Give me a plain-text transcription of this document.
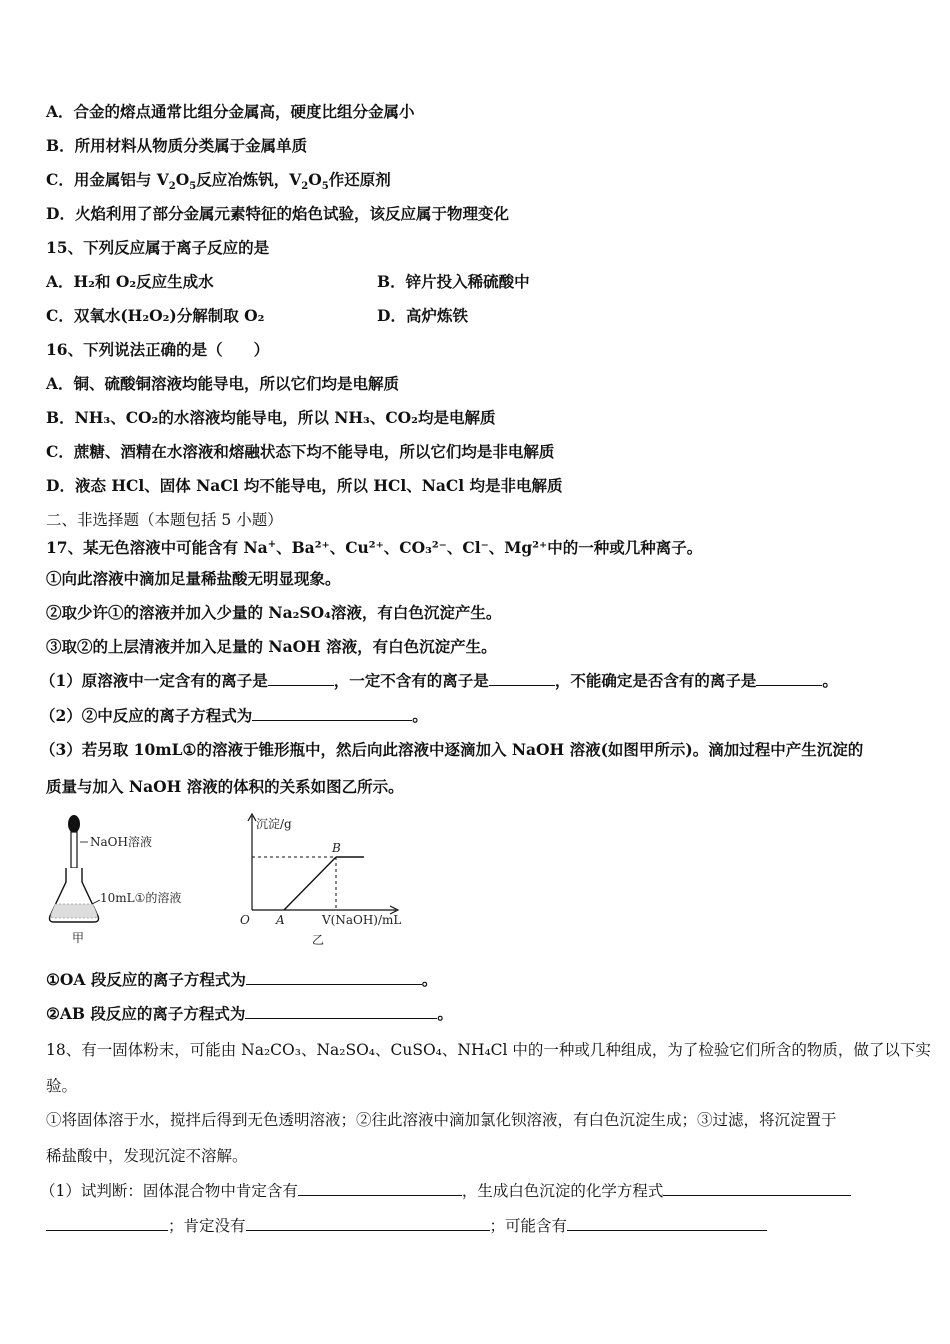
A．合金的熔点通常比组分金属高，硬度比组分金属小
B．所用材料从物质分类属于金属单质
C．用金属铝与 $V_2O_5$反应冶炼钒，$V_2O_5$作还原剂
D．火焰利用了部分金属元素特征的焰色试验，该反应属于物理变化
15、下列反应属于离子反应的是
A．H₂和 O₂反应生成水	B．锌片投入稀硫酸中
C．双氧水(H₂O₂)分解制取 O₂	D．高炉炼铁
16、下列说法正确的是（　　）
A．铜、硫酸铜溶液均能导电，所以它们均是电解质
B．NH₃、CO₂的水溶液均能导电，所以 NH₃、CO₂均是电解质
C．蔗糖、酒精在水溶液和熔融状态下均不能导电，所以它们均是非电解质
D．液态 HCl、固体 NaCl 均不能导电，所以 HCl、NaCl 均是非电解质
二、非选择题（本题包括 5 小题）
17、某无色溶液中可能含有 Na+、Ba²⁺、Cu²⁺、CO₃²⁻、Cl⁻、Mg²⁺中的一种或几种离子。
①向此溶液中滴加足量稀盐酸无明显现象。
②取少许①的溶液并加入少量的 Na₂SO₄溶液，有白色沉淀产生。
③取②的上层清液并加入足量的 NaOH 溶液，有白色沉淀产生。
（1）原溶液中一定含有的离子是	，一定不含有的离子是	，不能确定是否含有的离子是	。
（2）②中反应的离子方程式为	。
（3）若另取 10mL①的溶液于锥形瓶中，然后向此溶液中逐滴加入 NaOH 溶液(如图甲所示)。滴加过程中产生沉淀的
质量与加入 NaOH 溶液的体积的关系如图乙所示。
NaOH溶液
10mL①的溶液
甲
沉淀/g
B
O A	V(NaOH)/mL
乙
①OA 段反应的离子方程式为	。
②AB 段反应的离子方程式为	。
18、有一固体粉末，可能由 Na₂CO₃、Na₂SO₄、CuSO₄、NH₄Cl 中的一种或几种组成，为了检验它们所含的物质，做了以下实
验。
①将固体溶于水，搅拌后得到无色透明溶液；②往此溶液中滴加氯化钡溶液，有白色沉淀生成；③过滤，将沉淀置于
稀盐酸中，发现沉淀不溶解。
（1）试判断：固体混合物中肯定含有	，生成白色沉淀的化学方程式
；肯定没有	；可能含有
